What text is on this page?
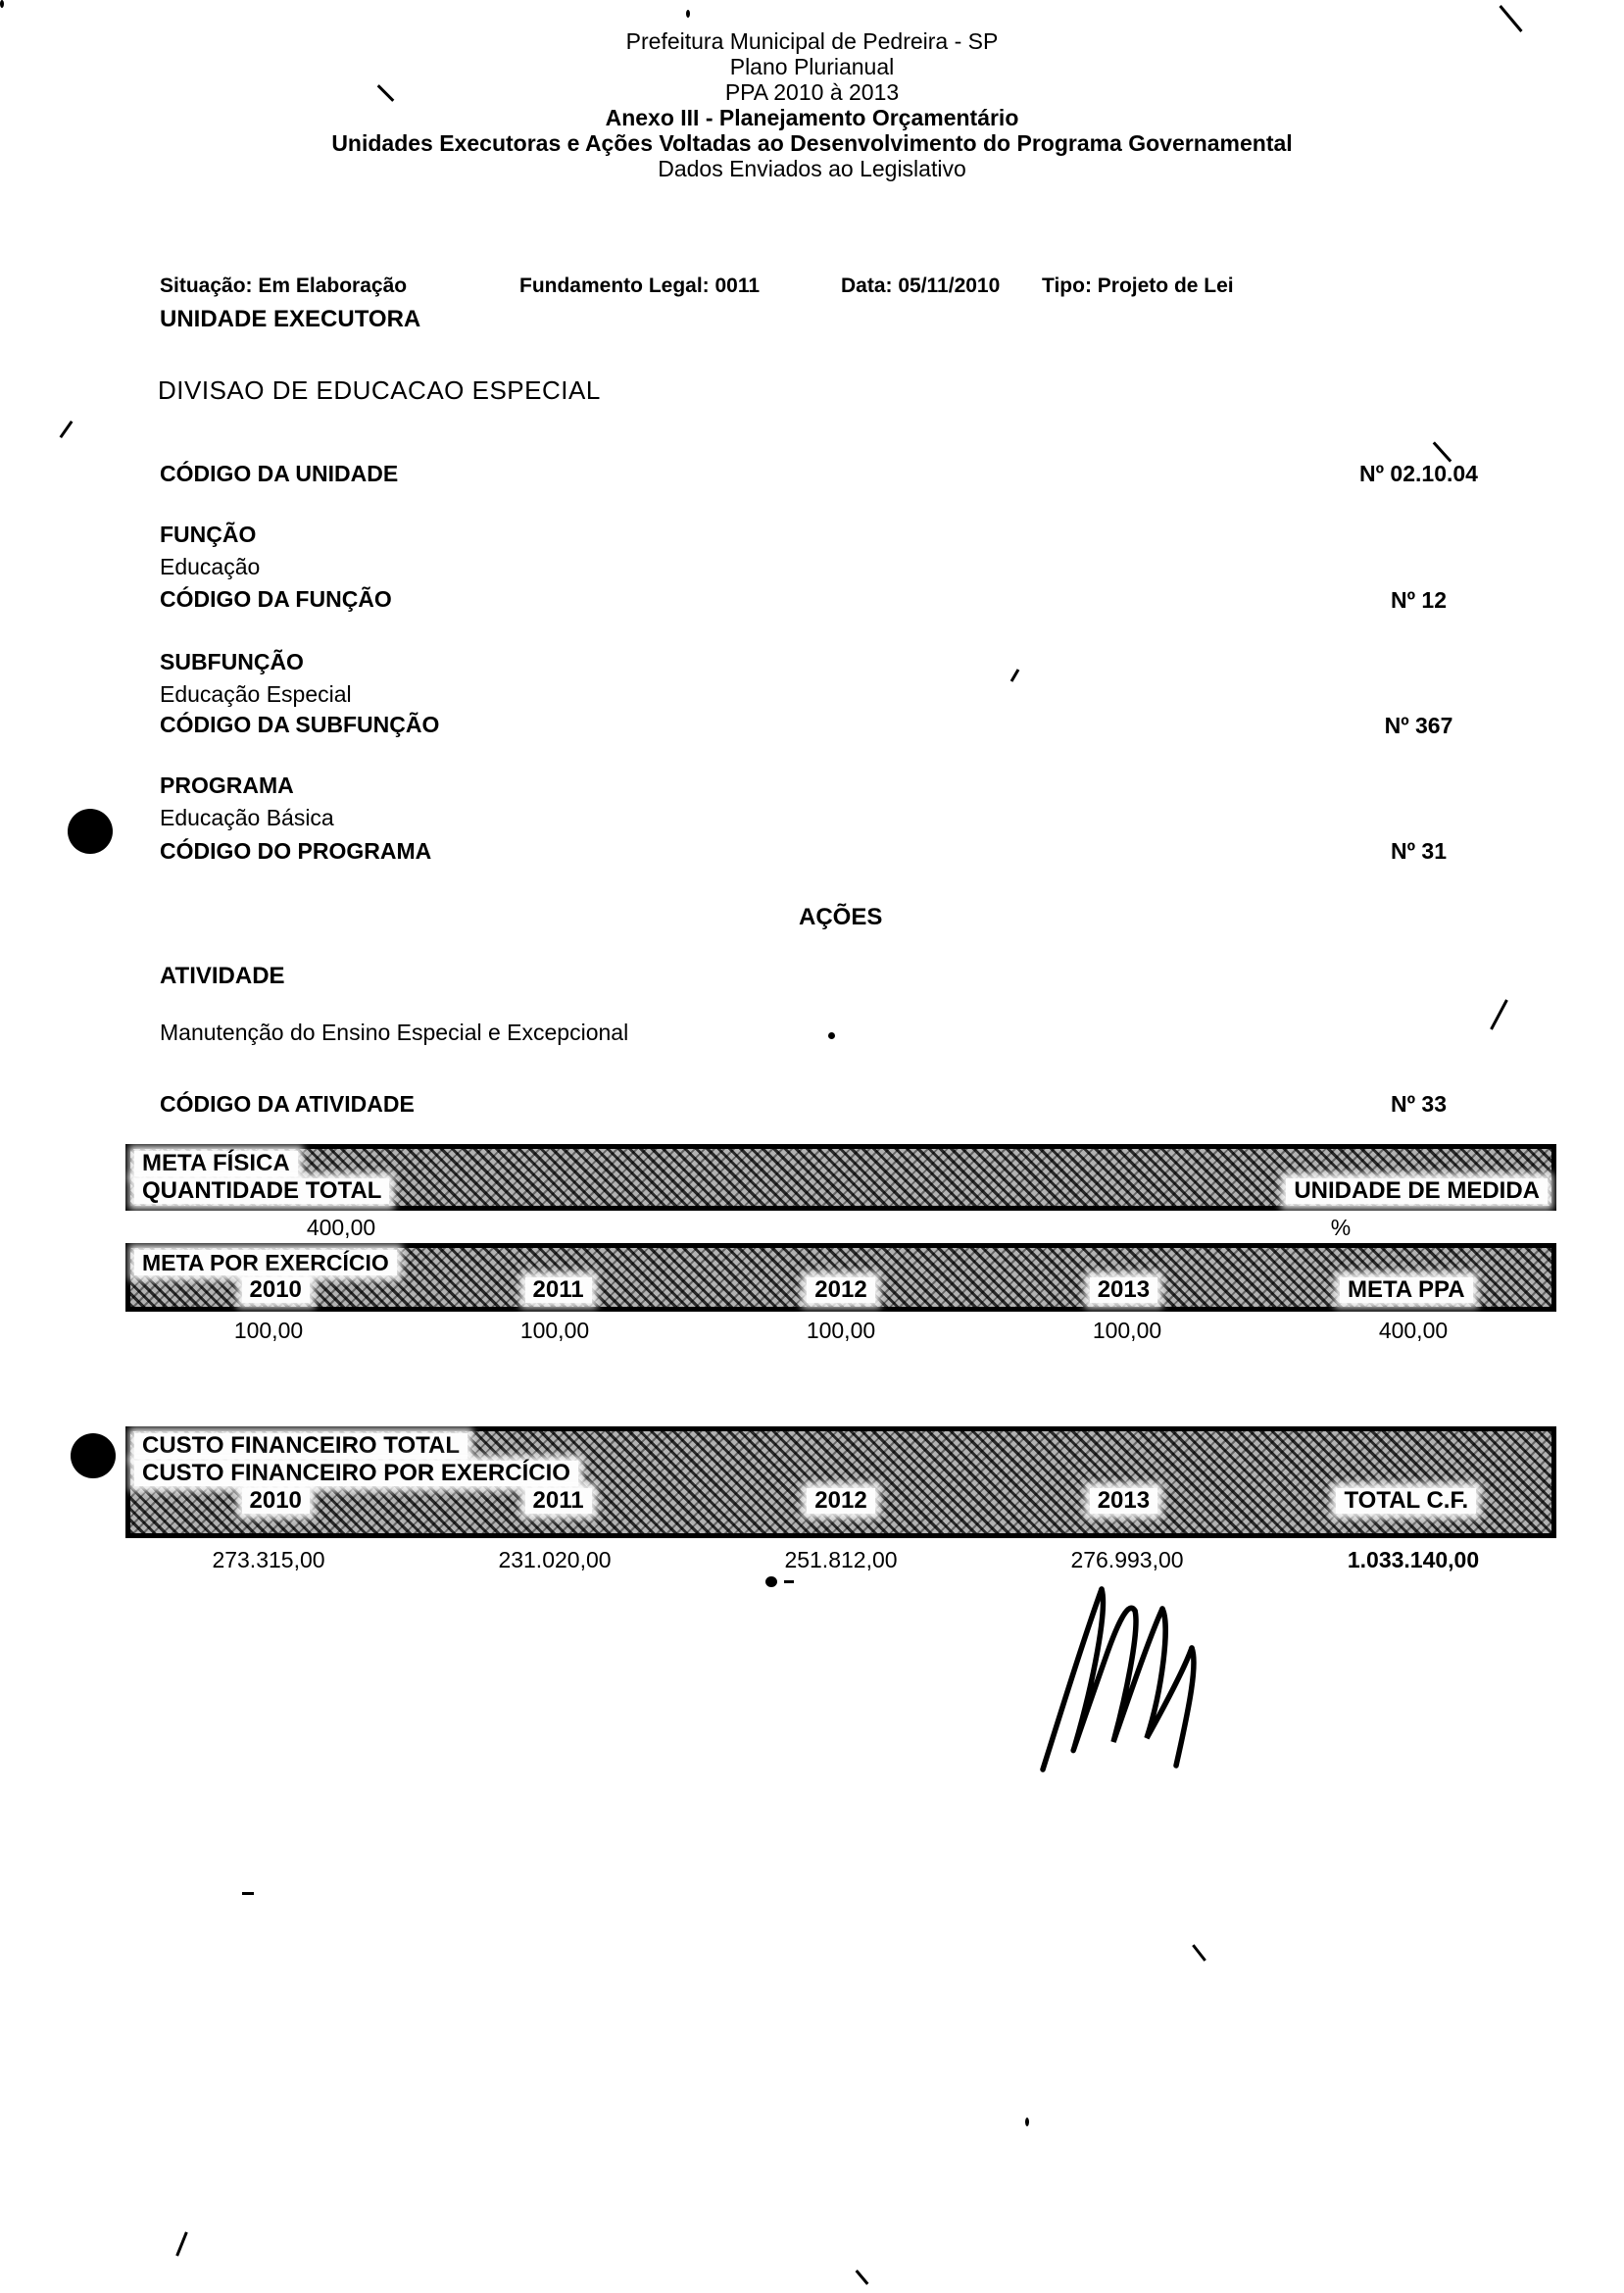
Prefeitura Municipal de Pedreira - SP
Plano Plurianual
PPA 2010 à 2013
Anexo III - Planejamento Orçamentário
Unidades Executoras e Ações Voltadas ao Desenvolvimento do Programa Governamental
Dados Enviados ao Legislativo
Situação: Em Elaboração	Fundamento Legal: 0011	Data: 05/11/2010 Tipo: Projeto de Lei
UNIDADE EXECUTORA
DIVISAO DE EDUCACAO ESPECIAL
CÓDIGO DA UNIDADE	Nº 02.10.04
FUNÇÃO
Educação
CÓDIGO DA FUNÇÃO	Nº 12
SUBFUNÇÃO
Educação Especial
CÓDIGO DA SUBFUNÇÃO	Nº 367
PROGRAMA
Educação Básica
CÓDIGO DO PROGRAMA	Nº 31
AÇÕES
ATIVIDADE
Manutenção do Ensino Especial e Excepcional
CÓDIGO DA ATIVIDADE	Nº 33
META FÍSICA
QUANTIDADE TOTAL	UNIDADE DE MEDIDA
400,00	%
META POR EXERCÍCIO
2010	2011	2012	2013	META PPA
100,00	100,00	100,00	100,00	400,00
CUSTO FINANCEIRO TOTAL
CUSTO FINANCEIRO POR EXERCÍCIO
2010	2011	2012	2013	TOTAL C.F.
273.315,00	231.020,00	251.812,00	276.993,00	1.033.140,00
